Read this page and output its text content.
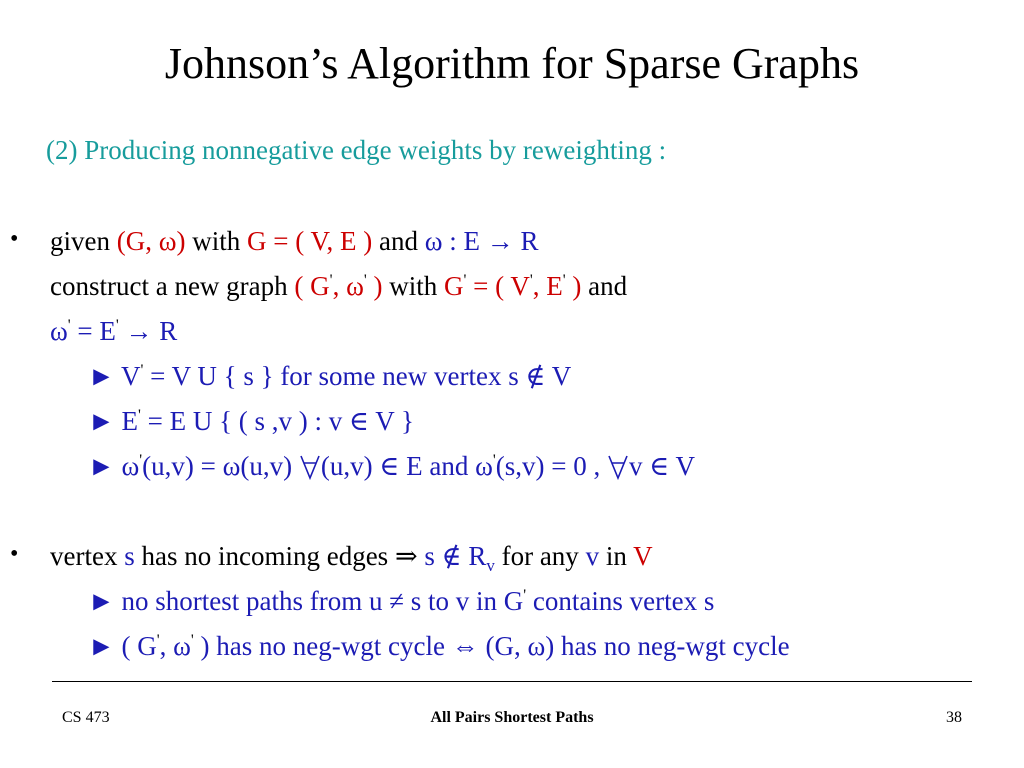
Johnson’s Algorithm for Sparse Graphs
(2) Producing nonnegative edge weights by reweighting :
• given (G, ω) with G = ( V, E ) and ω : E → R
construct a new graph ( G', ω' ) with G' = ( V', E' ) and
ω' = E' → R
► V' = V U { s } for some new vertex s ∉ V
► E' = E U { ( s ,v ) : v ∈ V }
► ω'(u,v) = ω(u,v)
(u,v) ∈ E and ω'(s,v) = 0 ,
v ∈ V
• vertex s has no incoming edges ⇒ s ∉ $R_v$ for any v in V
► no shortest paths from u ≠ s to v in G' contains vertex s
► ( G', ω' ) has no neg-wgt cycle ⇔ (G, ω) has no neg-wgt cycle
All Pairs Shortest Paths
CS 473	38
